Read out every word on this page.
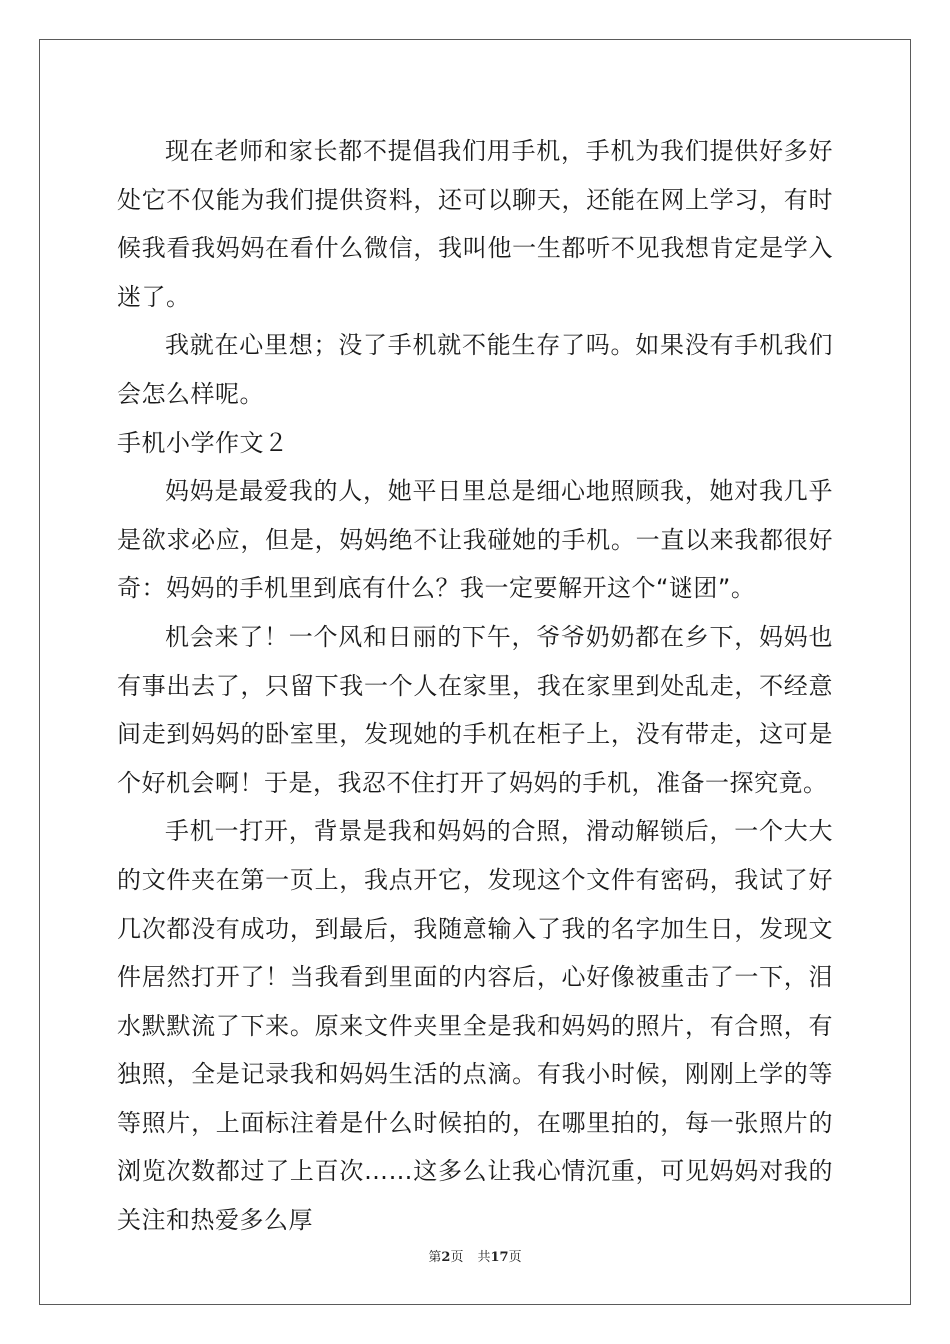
现在老师和家长都不提倡我们用手机，手机为我们提供好多好处它不仅能为我们提供资料，还可以聊天，还能在网上学习，有时候我看我妈妈在看什么微信，我叫他一生都听不见我想肯定是学入迷了。

我就在心里想；没了手机就不能生存了吗。如果没有手机我们会怎么样呢。

手机小学作文２

妈妈是最爱我的人，她平日里总是细心地照顾我，她对我几乎是欲求必应，但是，妈妈绝不让我碰她的手机。一直以来我都很好奇：妈妈的手机里到底有什么？我一定要解开这个“谜团”。

机会来了！一个风和日丽的下午，爷爷奶奶都在乡下，妈妈也有事出去了，只留下我一个人在家里，我在家里到处乱走，不经意间走到妈妈的卧室里，发现她的手机在柜子上，没有带走，这可是个好机会啊！于是，我忍不住打开了妈妈的手机，准备一探究竟。

手机一打开，背景是我和妈妈的合照，滑动解锁后，一个大大的文件夹在第一页上，我点开它，发现这个文件有密码，我试了好几次都没有成功，到最后，我随意输入了我的名字加生日，发现文件居然打开了！当我看到里面的内容后，心好像被重击了一下，泪水默默流了下来。原来文件夹里全是我和妈妈的照片，有合照，有独照，全是记录我和妈妈生活的点滴。有我小时候，刚刚上学的等等照片，上面标注着是什么时候拍的，在哪里拍的，每一张照片的浏览次数都过了上百次……这多么让我心情沉重，可见妈妈对我的关注和热爱多么厚

第2页 共17页
